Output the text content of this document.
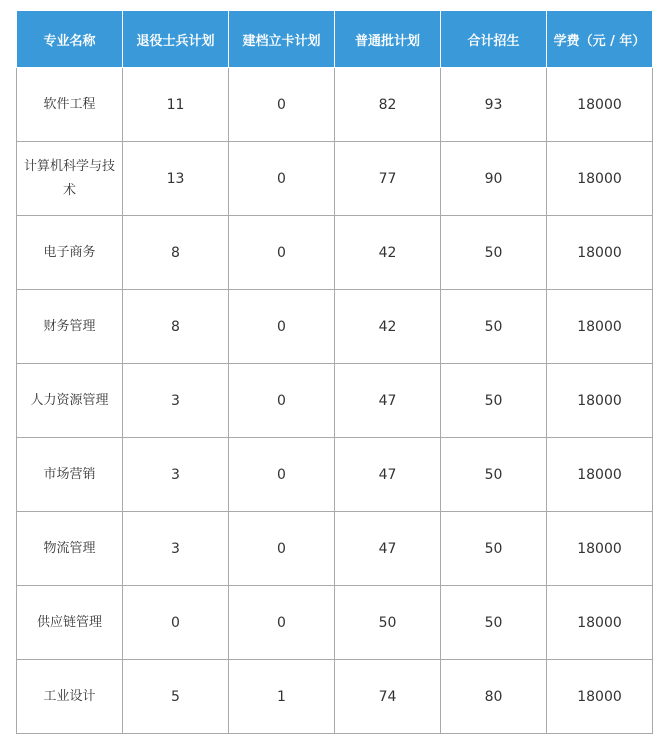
专业名称	退役士兵计划	建档立卡计划	普通批计划	合计招生	学费（元 / 年）
软件工程	11	0	82	93	18000
计算机科学与技术	13	0	77	90	18000
电子商务	8	0	42	50	18000
财务管理	8	0	42	50	18000
人力资源管理	3	0	47	50	18000
市场营销	3	0	47	50	18000
物流管理	3	0	47	50	18000
供应链管理	0	0	50	50	18000
工业设计	5	1	74	80	18000
